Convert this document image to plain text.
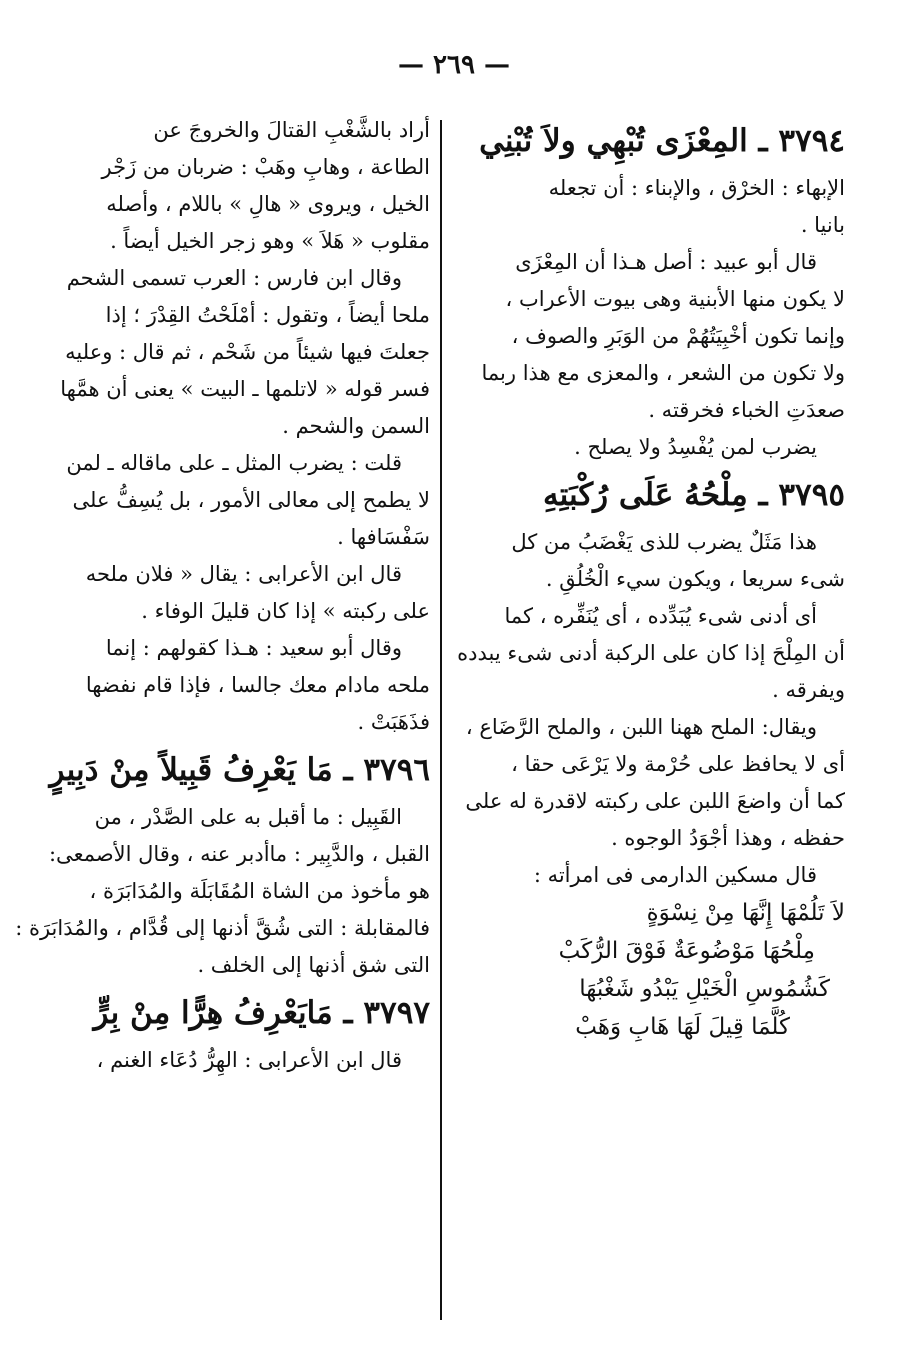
— ٢٦٩ —
٣٧٩٤ ـ المِعْزَى تُبْهِي ولاَ تُبْنِي
الإبهاء : الخرْق ، والإبناء : أن تجعله
بانيا .
قال أبو عبيد : أصل هـذا أن المِعْزَى
لا يكون منها الأبنية وهى بيوت الأعراب ،
وإنما تكون أخْبِيَتُهُمْ من الوَبَرِ والصوف ،
ولا تكون من الشعر ، والمعزى مع هذا ربما
صعدَتِ الخباء فخرقته .
يضرب لمن يُفْسِدُ ولا يصلح .
٣٧٩٥ ـ مِلْحُهُ عَلَى رُكْبَتِهِ
هذا مَثَلٌ يضرب للذى يَغْضَبُ من كل
شىء سريعا ، ويكون سيء الْخُلُقِ .
أى أدنى شىء يُبَدِّده ، أى يُنَفِّره ، كما
أن المِلْحَ إذا كان على الركبة أدنى شىء يبدده
ويفرقه .
ويقال: الملح ههنا اللبن ، والملح الرَّضَاع ،
أى لا يحافظ على حُرْمة ولا يَرْعَى حقا ،
كما أن واضعَ اللبن على ركبته لاقدرة له على
حفظه ، وهذا أجْوَدُ الوجوه .
قال مسكين الدارمى فى امرأته :
لاَ تَلُمْهَا إِنَّهَا مِنْ نِسْوَةٍ
مِلْحُهَا مَوْضُوعَةٌ فَوْقَ الرُّكَبْ
كَشُمُوسِ الْخَيْلِ يَبْدُو شَغْبُهَا
كُلَّمَا قِيلَ لَهَا هَابِ وَهَبْ
أراد بالشَّغْبِ القتالَ والخروجَ عن
الطاعة ، وهابِ وهَبْ : ضربان من زَجْر
الخيل ، ويروى « هالِ » باللام ، وأصله
مقلوب « هَلاَ » وهو زجر الخيل أيضاً .
وقال ابن فارس : العرب تسمى الشحم
ملحا أيضاً ، وتقول : أمْلَحْتُ القِدْرَ ؛ إذا
جعلتَ فيها شيئاً من شَحْم ، ثم قال : وعليه
فسر قوله « لاتلمها ـ البيت » يعنى أن همَّها
السمن والشحم .
قلت : يضرب المثل ـ على ماقاله ـ لمن
لا يطمح إلى معالى الأمور ، بل يُسِفُّ على
سَفْسَافها .
قال ابن الأعرابى : يقال « فلان ملحه
على ركبته » إذا كان قليلَ الوفاء .
وقال أبو سعيد : هـذا كقولهم : إنما
ملحه مادام معك جالسا ، فإذا قام نفضها
فذَهَبَتْ .
٣٧٩٦ ـ مَا يَعْرِفُ قَبِيلاً مِنْ دَبِيرٍ
القَبِيل : ما أقبل به على الصَّدْر ، من
القبل ، والدَّبِير : ماأدبر عنه ، وقال الأصمعى:
هو مأخوذ من الشاة المُقَابَلَة والمُدَابَرَة ،
فالمقابلة : التى شُقَّ أذنها إلى قُدَّام ، والمُدَابَرَة :
التى شق أذنها إلى الخلف .
٣٧٩٧ ـ مَايَعْرِفُ هِرًّا مِنْ بِرٍّ
قال ابن الأعرابى : الهِرُّ دُعَاء الغنم ،
